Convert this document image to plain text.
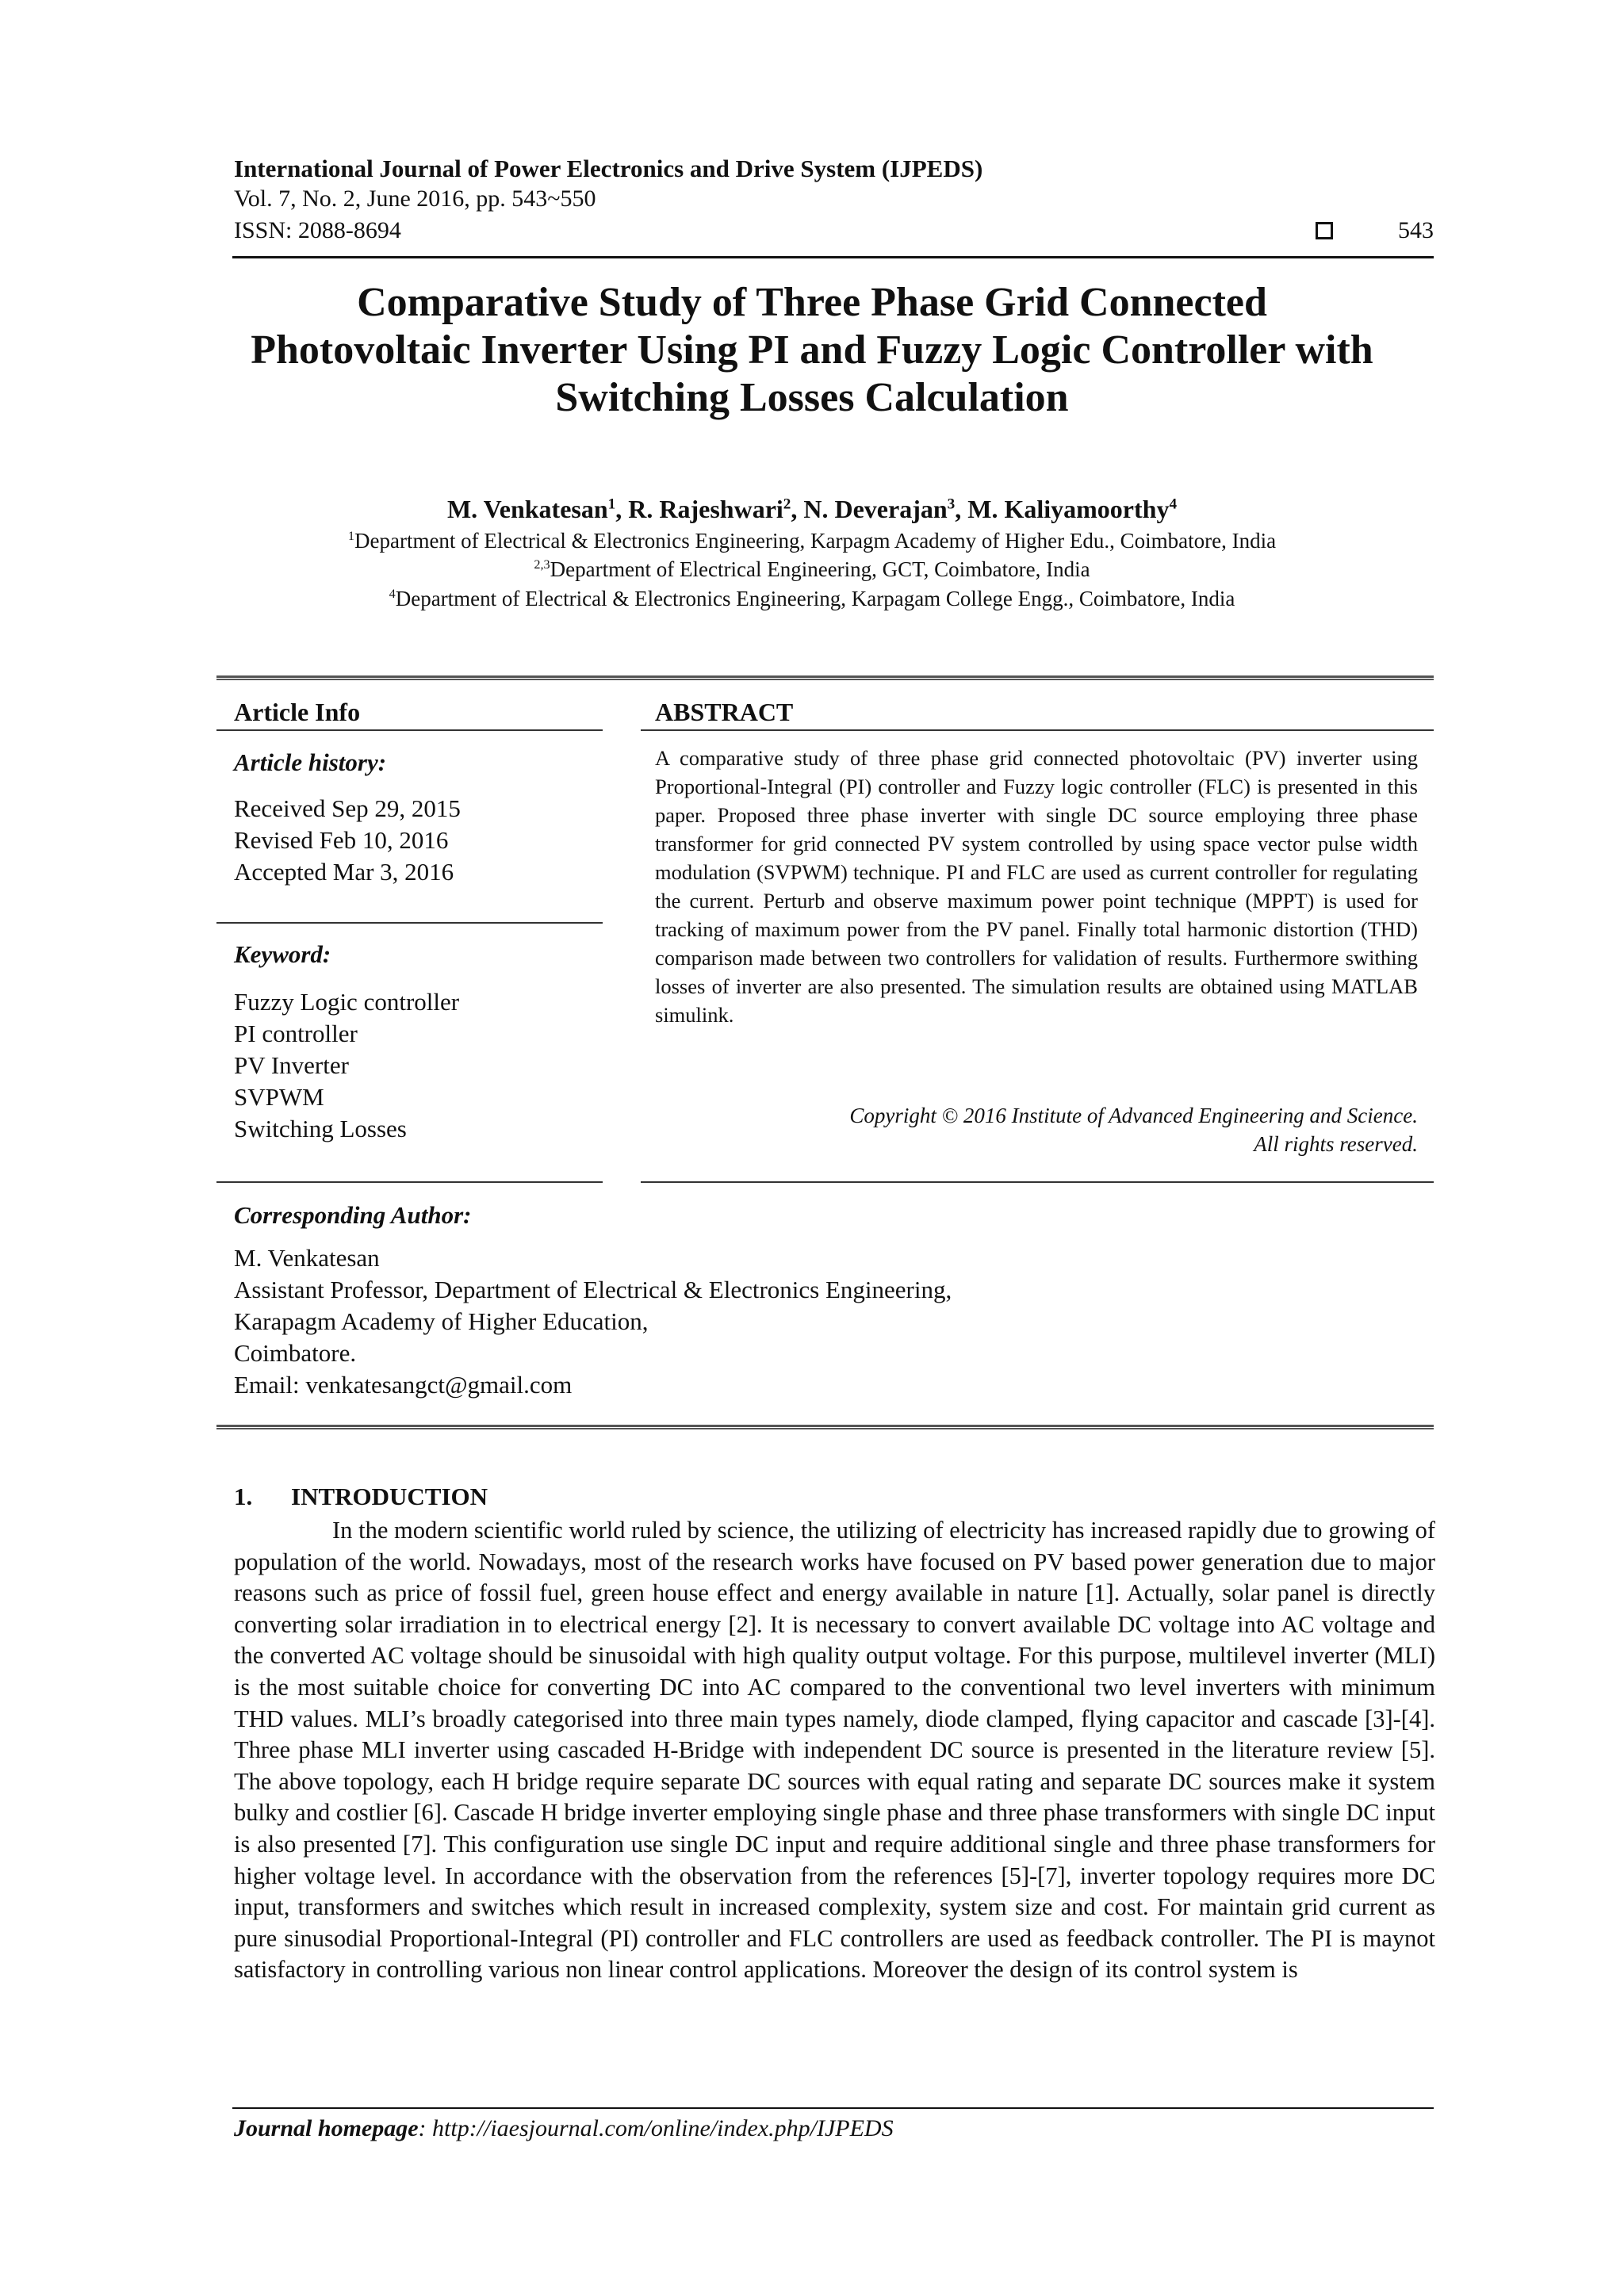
International Journal of Power Electronics and Drive System (IJPEDS)
Vol. 7, No. 2, June 2016, pp. 543~550
ISSN: 2088-8694	543
Comparative Study of Three Phase Grid Connected
Photovoltaic Inverter Using PI and Fuzzy Logic Controller with
Switching Losses Calculation
M. Venkatesan$^1$, R. Rajeshwari$^2$, N. Deverajan$^3$, M. Kaliyamoorthy$^4$
$^1$Department of Electrical & Electronics Engineering, Karpagm Academy of Higher Edu., Coimbatore, India
$^{2,3}$Department of Electrical Engineering, GCT, Coimbatore, India
$^4$Department of Electrical & Electronics Engineering, Karpagam College Engg., Coimbatore, India
Article Info
Article history:
Received Sep 29, 2015
Revised Feb 10, 2016
Accepted Mar 3, 2016
Keyword:
Fuzzy Logic controller
PI controller
PV Inverter
SVPWM
Switching Losses
ABSTRACT
A comparative study of three phase grid connected photovoltaic (PV) inverter using Proportional-Integral (PI) controller and Fuzzy logic controller (FLC) is presented in this paper. Proposed three phase inverter with single DC source employing three phase transformer for grid connected PV system controlled by using space vector pulse width modulation (SVPWM) technique. PI and FLC are used as current controller for regulating the current. Perturb and observe maximum power point technique (MPPT) is used for tracking of maximum power from the PV panel. Finally total harmonic distortion (THD) comparison made between two controllers for validation of results. Furthermore swithing losses of inverter are also presented. The simulation results are obtained using MATLAB simulink.
Copyright © 2016 Institute of Advanced Engineering and Science.
All rights reserved.
Corresponding Author:
M. Venkatesan
Assistant Professor, Department of Electrical & Electronics Engineering,
Karapagm Academy of Higher Education,
Coimbatore.
Email: venkatesangct@gmail.com
1. INTRODUCTION
In the modern scientific world ruled by science, the utilizing of electricity has increased rapidly due to growing of population of the world. Nowadays, most of the research works have focused on PV based power generation due to major reasons such as price of fossil fuel, green house effect and energy available in nature [1]. Actually, solar panel is directly converting solar irradiation in to electrical energy [2]. It is necessary to convert available DC voltage into AC voltage and the converted AC voltage should be sinusoidal with high quality output voltage. For this purpose, multilevel inverter (MLI) is the most suitable choice for converting DC into AC compared to the conventional two level inverters with minimum THD values. MLI’s broadly categorised into three main types namely, diode clamped, flying capacitor and cascade [3]-[4]. Three phase MLI inverter using cascaded H-Bridge with independent DC source is presented in the literature review [5]. The above topology, each H bridge require separate DC sources with equal rating and separate DC sources make it system bulky and costlier [6]. Cascade H bridge inverter employing single phase and three phase transformers with single DC input is also presented [7]. This configuration use single DC input and require additional single and three phase transformers for higher voltage level. In accordance with the observation from the references [5]-[7], inverter topology requires more DC input, transformers and switches which result in increased complexity, system size and cost. For maintain grid current as pure sinusodial Proportional-Integral (PI) controller and FLC controllers are used as feedback controller. The PI is maynot satisfactory in controlling various non linear control applications. Moreover the design of its control system is
Journal homepage: http://iaesjournal.com/online/index.php/IJPEDS
